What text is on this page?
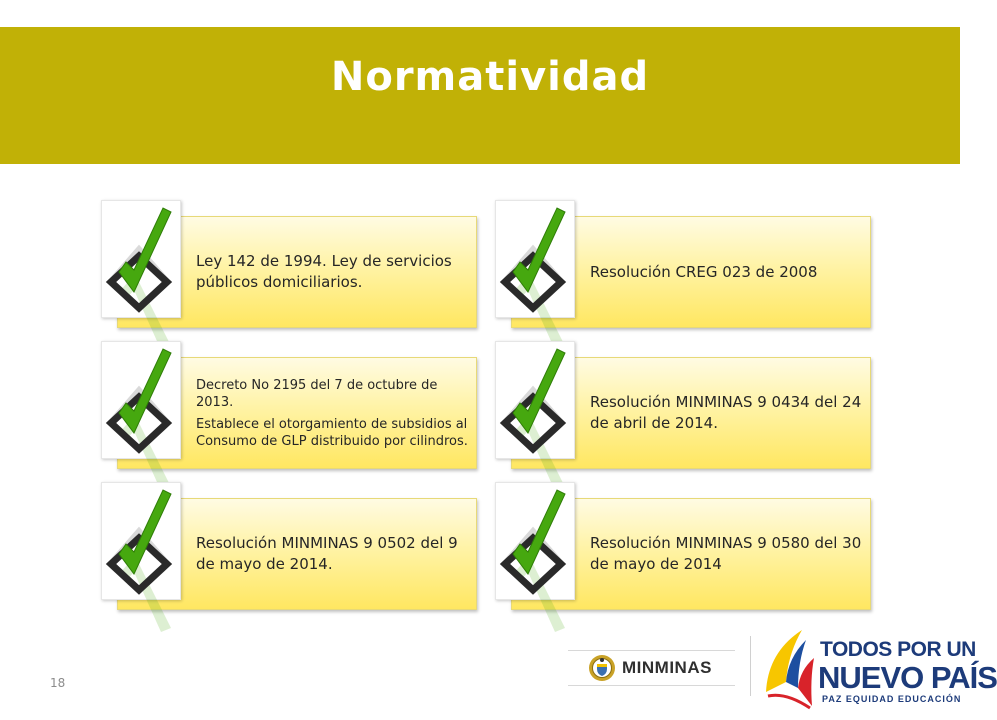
Normatividad
Ley 142 de 1994. Ley de servicios públicos domiciliarios.
Resolución CREG 023 de 2008
Decreto No 2195 del 7 de octubre de 2013.
Establece el otorgamiento de subsidios al Consumo de GLP distribuido por cilindros.
Resolución MINMINAS 9 0434 del 24 de abril de 2014.
Resolución MINMINAS 9 0502 del 9 de mayo de 2014.
Resolución MINMINAS 9 0580 del 30 de mayo de 2014
18
MINMINAS
TODOS POR UN
NUEVO PAÍS
PAZ EQUIDAD EDUCACIÓN
